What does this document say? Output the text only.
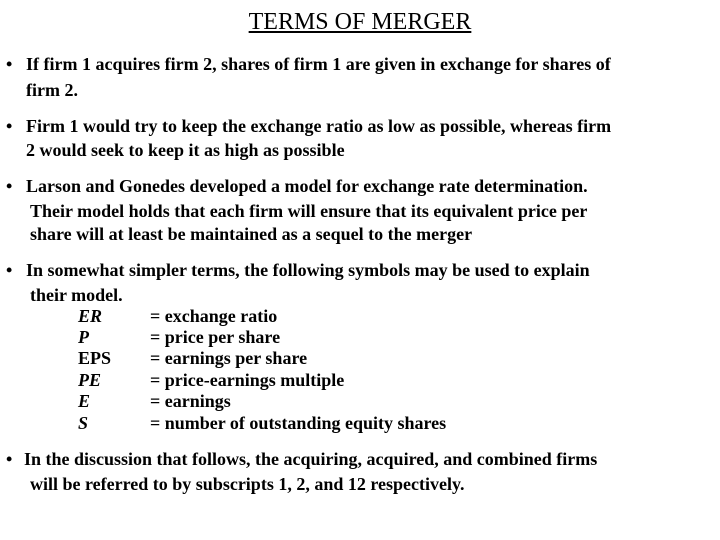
TERMS OF MERGER
• If firm 1 acquires firm 2, shares of firm 1 are given in exchange for shares of
firm 2.
• Firm 1 would try to keep the exchange ratio as low as possible, whereas firm
2 would seek to keep it as high as possible
• Larson and Gonedes developed a model for exchange rate determination.
Their model holds that each firm will ensure that its equivalent price per
share will at least be maintained as a sequel to the merger
• In somewhat simpler terms, the following symbols may be used to explain
their model.
ER	= exchange ratio
P	= price per share
EPS = earnings per share
PE	= price-earnings multiple
E	= earnings
S	= number of outstanding equity shares
• In the discussion that follows, the acquiring, acquired, and combined firms
will be referred to by subscripts 1, 2, and 12 respectively.
